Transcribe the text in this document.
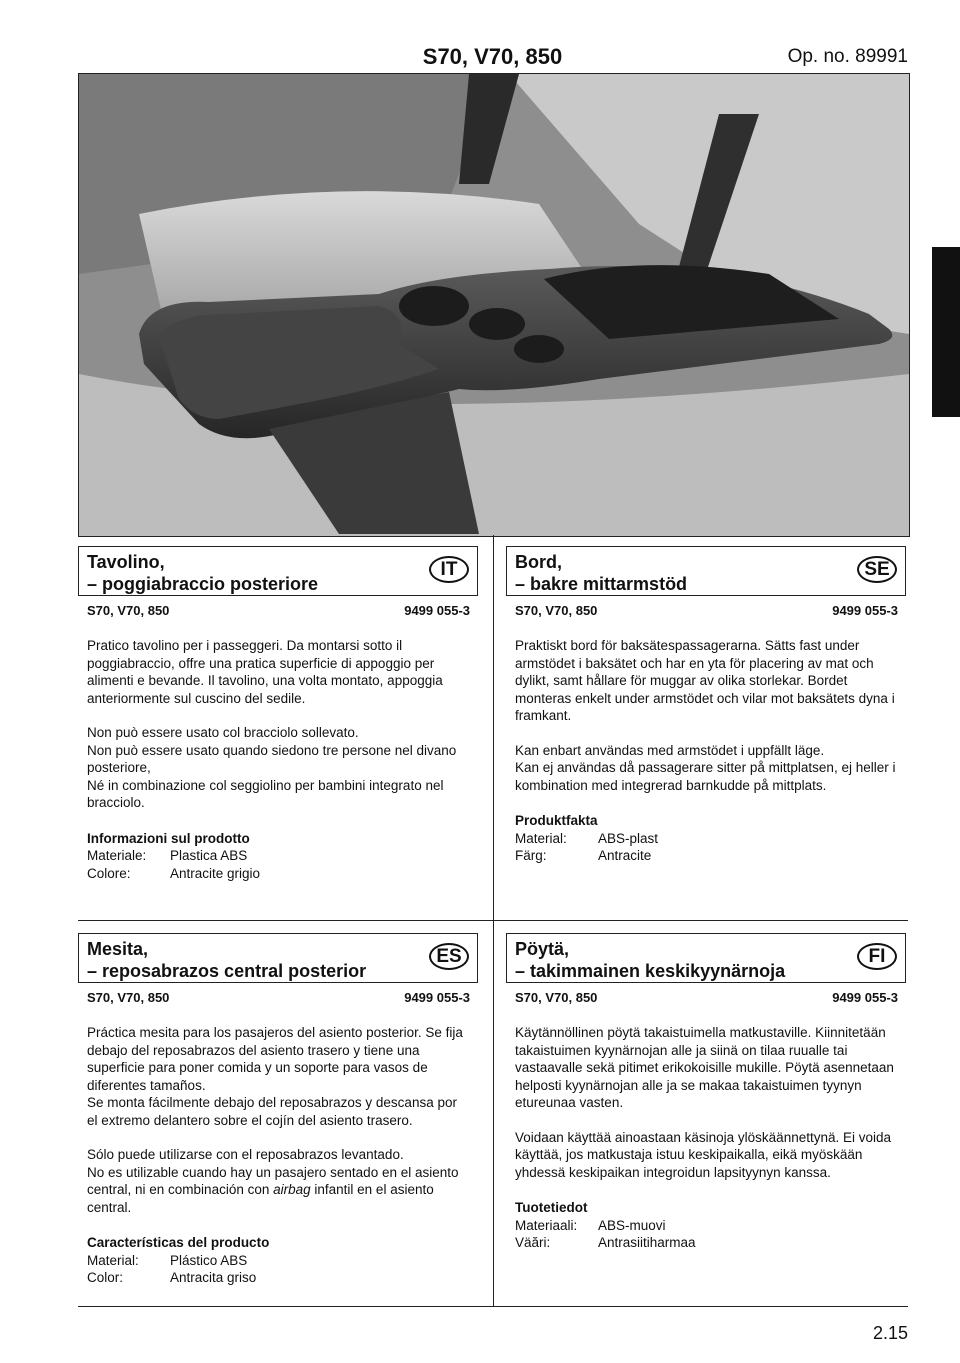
S70, V70, 850	Op. no. 89991
Tavolino,
– poggiabraccio posteriore
IT
S70, V70, 850	9499 055-3

Pratico tavolino per i passeggeri. Da montarsi sotto il poggiabraccio, offre una pratica superficie di appoggio per alimenti e bevande. Il tavolino, una volta montato, appoggia anteriormente sul cuscino del sedile.

Non può essere usato col bracciolo sollevato.

Non può essere usato quando siedono tre persone nel divano posteriore,

Né in combinazione col seggiolino per bambini integrato nel bracciolo.

Informazioni sul prodotto
Materiale:	Plastica ABS
Colore:	Antracite grigio
Bord,
– bakre mittarmstöd
SE
S70, V70, 850	9499 055-3

Praktiskt bord för baksätespassagerarna. Sätts fast under armstödet i baksätet och har en yta för placering av mat och dylikt, samt hållare för muggar av olika storlekar. Bordet monteras enkelt under armstödet och vilar mot baksätets dyna i framkant.

Kan enbart användas med armstödet i uppfällt läge.

Kan ej användas då passagerare sitter på mittplatsen, ej heller i kombination med integrerad barnkudde på mittplats.

Produktfakta
Material:	ABS-plast
Färg:	Antracite
Mesita,
– reposabrazos central posterior
ES
S70, V70, 850	9499 055-3

Práctica mesita para los pasajeros del asiento posterior. Se fija debajo del reposabrazos del asiento trasero y tiene una superficie para poner comida y un soporte para vasos de diferentes tamaños.

Se monta fácilmente debajo del reposabrazos y descansa por el extremo delantero sobre el cojín del asiento trasero.

Sólo puede utilizarse con el reposabrazos levantado.

No es utilizable cuando hay un pasajero sentado en el asiento central, ni en combinación con airbag infantil en el asiento central.

Características del producto
Material:	Plástico ABS
Color:	Antracita griso
Pöytä,
– takimmainen keskikyynärnoja
FI
S70, V70, 850	9499 055-3

Käytännöllinen pöytä takaistuimella matkustaville. Kiinnitetään takaistuimen kyynärnojan alle ja siinä on tilaa ruualle tai vastaavalle sekä pitimet erikokoisille mukille. Pöytä asennetaan helposti kyynärnojan alle ja se makaa takaistuimen tyynyn etureunaa vasten.

Voidaan käyttää ainoastaan käsinoja ylöskäännettynä. Ei voida käyttää, jos matkustaja istuu keskipaikalla, eikä myöskään yhdessä keskipaikan integroidun lapsityynyn kanssa.

Tuotetiedot
Materiaali:	ABS-muovi
Väări:	Antrasiitiharmaa
2.15
